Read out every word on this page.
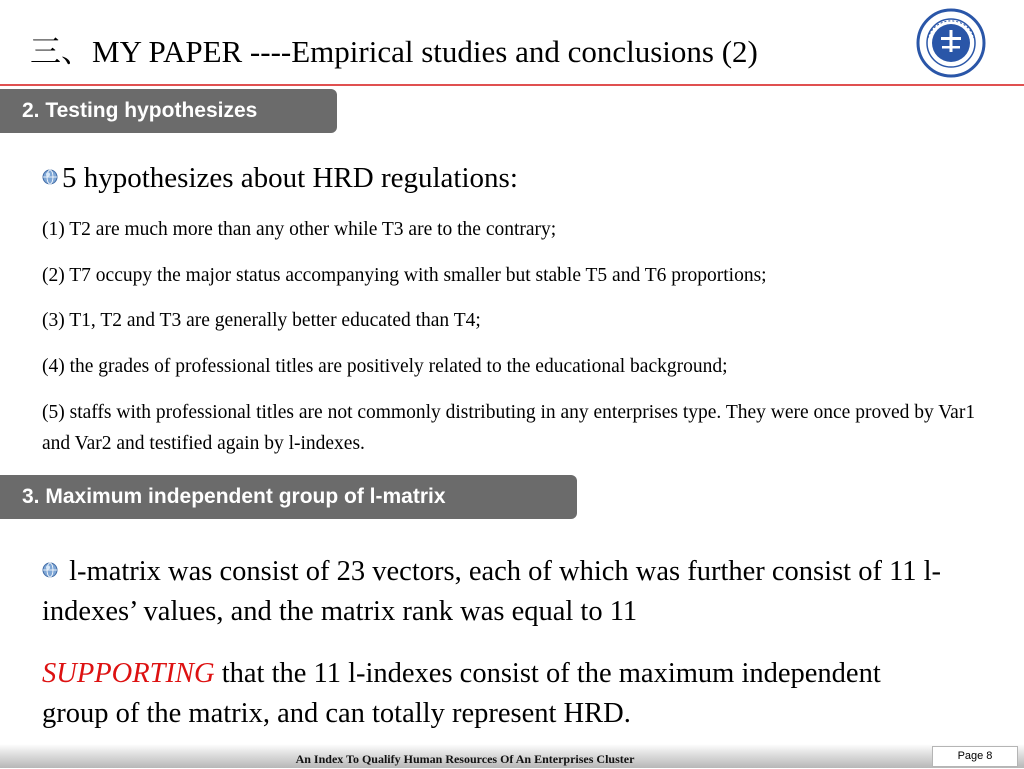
三、MY PAPER ----Empirical studies and conclusions (2)
2. Testing hypothesizes
5 hypothesizes about HRD regulations:
(1) T2 are much more than any other while T3 are to the contrary;
(2) T7 occupy the major status accompanying with smaller but stable T5 and T6 proportions;
(3) T1, T2 and T3 are generally better educated than T4;
(4) the grades of professional titles are positively related to the educational background;
(5) staffs with professional titles are not commonly distributing in any enterprises type. They were once proved by Var1 and Var2 and testified again by l-indexes.
3. Maximum independent group of l-matrix
l-matrix was consist of 23 vectors, each of which was further consist of 11 l-indexes’ values, and the matrix rank was equal to 11
SUPPORTING that the 11 l-indexes consist of the maximum independent group of the matrix, and can totally represent HRD.
An Index To Qualify Human Resources Of An Enterprises Cluster	Page 8
